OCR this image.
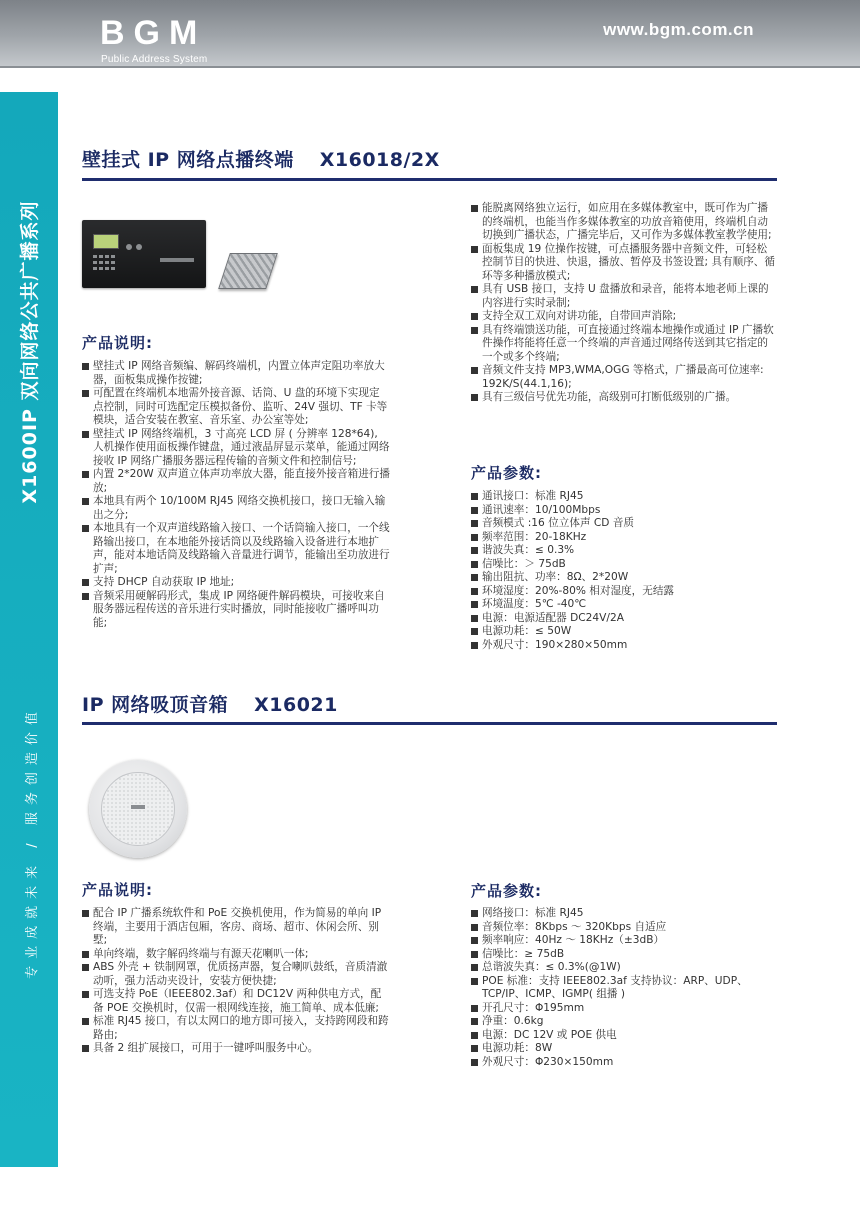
BGM
Public Address System
www.bgm.com.cn
X1600IP 双向网络公共广播系列
专业成就未来 / 服务创造价值
37
壁挂式 IP 网络点播终端 X16018/2X
产品说明:
壁挂式 IP 网络音频编、解码终端机，内置立体声定阻功率放大器，面板集成操作按键;
可配置在终端机本地需外接音源、话筒、U 盘的环境下实现定点控制，同时可选配定压模拟备份、监听、24V 强切、TF 卡等模块，适合安装在教室、音乐室、办公室等处;
壁挂式 IP 网络终端机，3 寸高亮 LCD 屏 ( 分辨率 128*64), 人机操作使用面板操作键盘，通过液晶屏显示菜单，能通过网络接收 IP 网络广播服务器远程传输的音频文件和控制信号;
内置 2*20W 双声道立体声功率放大器，能直接外接音箱进行播放;
本地具有两个 10/100M RJ45 网络交换机接口，接口无输入输出之分;
本地具有一个双声道线路输入接口、一个话筒输入接口，一个线路输出接口，在本地能外接话筒以及线路输入设备进行本地扩声，能对本地话筒及线路输入音量进行调节，能输出至功放进行扩声;
支持 DHCP 自动获取 IP 地址;
音频采用硬解码形式，集成 IP 网络硬件解码模块，可接收来自服务器远程传送的音乐进行实时播放，同时能接收广播呼叫功能;
能脱离网络独立运行，如应用在多媒体教室中，既可作为广播的终端机，也能当作多媒体教室的功放音箱使用，终端机自动切换到广播状态，广播完毕后，又可作为多媒体教室教学使用;
面板集成 19 位操作按键，可点播服务器中音频文件，可轻松控制节目的快进、快退，播放、暂停及书签设置; 具有顺序、循环等多种播放模式;
具有 USB 接口，支持 U 盘播放和录音，能将本地老师上课的内容进行实时录制;
支持全双工双向对讲功能，自带回声消除;
具有终端馈送功能，可直接通过终端本地操作或通过 IP 广播软件操作将能将任意一个终端的声音通过网络传送到其它指定的一个或多个终端;
音频文件支持 MP3,WMA,OGG 等格式，广播最高可位速率: 192K/S(44.1,16);
具有三级信号优先功能，高级别可打断低级别的广播。
产品参数:
通讯接口：标准 RJ45
通讯速率：10/100Mbps
音频模式 :16 位立体声 CD 音质
频率范围：20-18KHz
谐波失真：≤ 0.3%
信噪比：＞ 75dB
输出阻抗、功率：8Ω、2*20W
环境湿度：20%-80% 相对湿度，无结露
环境温度：5℃ -40℃
电源：电源适配器 DC24V/2A
电源功耗：≤ 50W
外观尺寸：190×280×50mm
IP 网络吸顶音箱 X16021
产品说明:
配合 IP 广播系统软件和 PoE 交换机使用，作为简易的单向 IP 终端，主要用于酒店包厢，客房、商场、超市、休闲会所、别墅;
单向终端，数字解码终端与有源天花喇叭一体;
ABS 外壳 + 铁制网罩，优质扬声器，复合喇叭鼓纸，音质清澈动听，强力活动夹设计，安装方便快捷;
可选支持 PoE（IEEE802.3af）和 DC12V 两种供电方式，配备 POE 交换机时，仅需一根网线连接，施工简单、成本低廉;
标准 RJ45 接口，有以太网口的地方即可接入，支持跨网段和跨路由;
具备 2 组扩展接口，可用于一键呼叫服务中心。
产品参数:
网络接口：标准 RJ45
音频位率：8Kbps ～ 320Kbps 自适应
频率响应：40Hz ～ 18KHz（±3dB）
信噪比：≥ 75dB
总谐波失真：≤ 0.3%(@1W)
POE 标准：支持 IEEE802.3af 支持协议：ARP、UDP、TCP/IP、ICMP、IGMP( 组播 )
开孔尺寸：Φ195mm
净重：0.6kg
电源：DC 12V 或 POE 供电
电源功耗：8W
外观尺寸：Φ230×150mm
